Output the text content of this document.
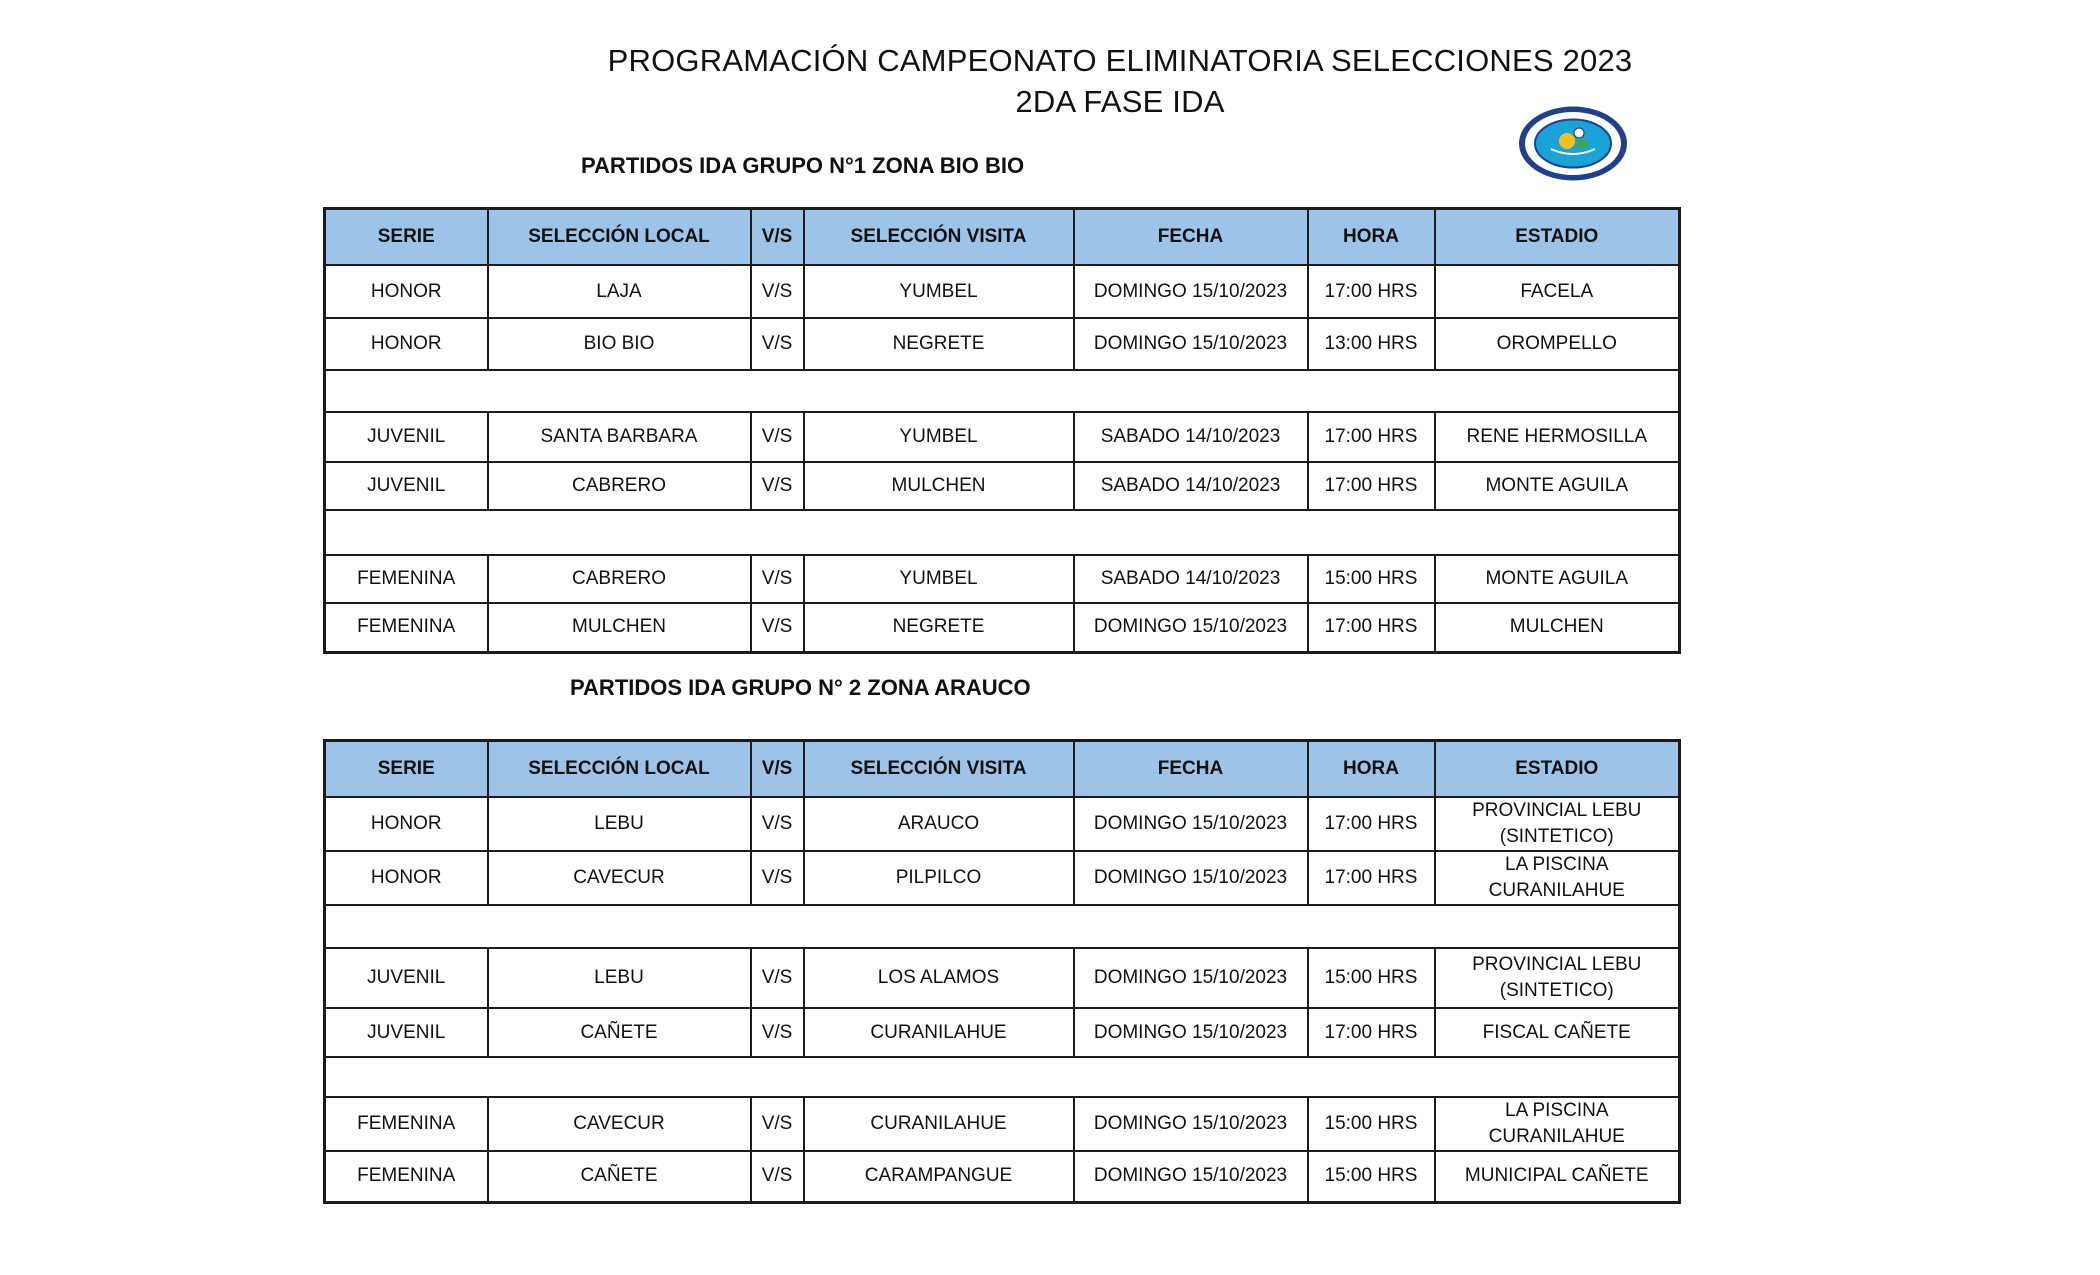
PROGRAMACIÓN CAMPEONATO ELIMINATORIA SELECCIONES 2023
2DA FASE IDA
PARTIDOS IDA GRUPO N°1 ZONA BIO BIO
SERIE	SELECCIÓN LOCAL	V/S	SELECCIÓN VISITA	FECHA	HORA	ESTADIO
HONOR	LAJA	V/S	YUMBEL	DOMINGO 15/10/2023	17:00 HRS	FACELA
HONOR	BIO BIO	V/S	NEGRETE	DOMINGO 15/10/2023	13:00 HRS	OROMPELLO

JUVENIL	SANTA BARBARA	V/S	YUMBEL	SABADO 14/10/2023	17:00 HRS	RENE HERMOSILLA
JUVENIL	CABRERO	V/S	MULCHEN	SABADO 14/10/2023	17:00 HRS	MONTE AGUILA

FEMENINA	CABRERO	V/S	YUMBEL	SABADO 14/10/2023	15:00 HRS	MONTE AGUILA
FEMENINA	MULCHEN	V/S	NEGRETE	DOMINGO 15/10/2023	17:00 HRS	MULCHEN
PARTIDOS IDA GRUPO N° 2 ZONA ARAUCO
SERIE	SELECCIÓN LOCAL	V/S	SELECCIÓN VISITA	FECHA	HORA	ESTADIO
HONOR	LEBU	V/S	ARAUCO	DOMINGO 15/10/2023	17:00 HRS	PROVINCIAL LEBU (SINTETICO)
HONOR	CAVECUR	V/S	PILPILCO	DOMINGO 15/10/2023	17:00 HRS	LA PISCINA CURANILAHUE

JUVENIL	LEBU	V/S	LOS ALAMOS	DOMINGO 15/10/2023	15:00 HRS	PROVINCIAL LEBU (SINTETICO)
JUVENIL	CAÑETE	V/S	CURANILAHUE	DOMINGO 15/10/2023	17:00 HRS	FISCAL CAÑETE

FEMENINA	CAVECUR	V/S	CURANILAHUE	DOMINGO 15/10/2023	15:00 HRS	LA PISCINA CURANILAHUE
FEMENINA	CAÑETE	V/S	CARAMPANGUE	DOMINGO 15/10/2023	15:00 HRS	MUNICIPAL CAÑETE
